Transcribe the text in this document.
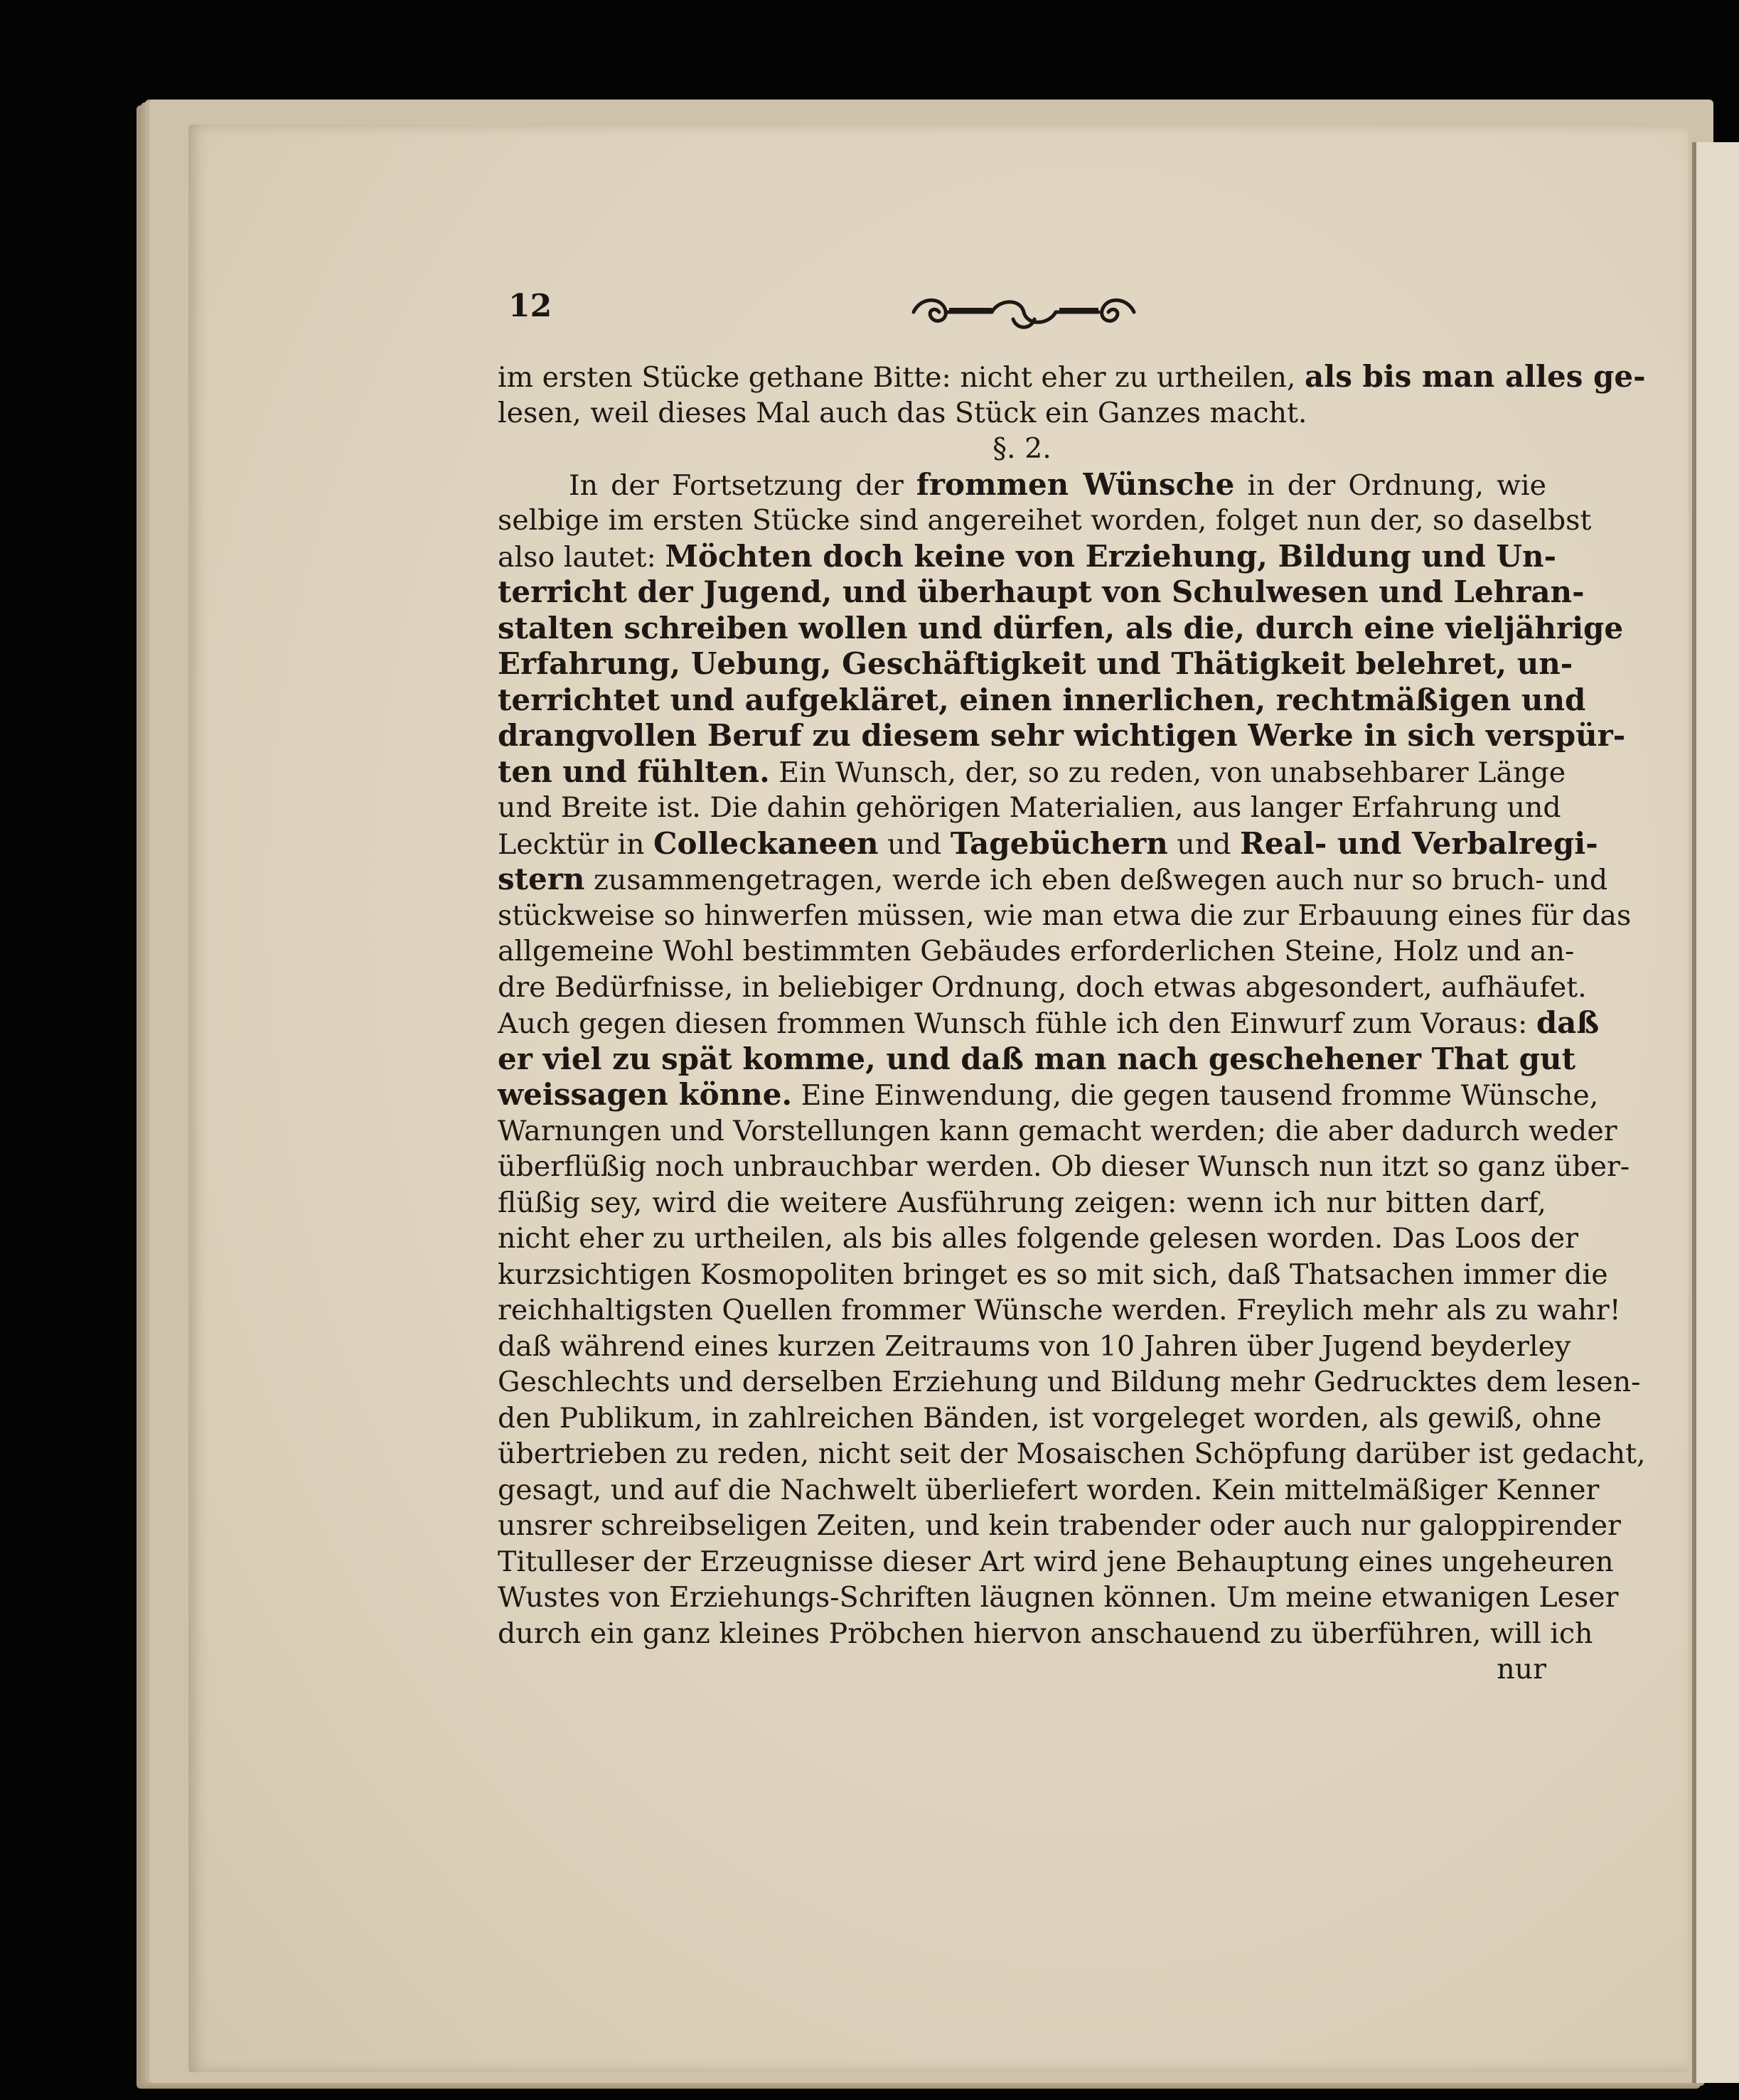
12
im ersten Stücke gethane Bitte: nicht eher zu urtheilen, als bis man alles ge-
lesen, weil dieses Mal auch das Stück ein Ganzes macht.
§. 2.
In der Fortsetzung der frommen Wünsche in der Ordnung, wie
selbige im ersten Stücke sind angereihet worden, folget nun der, so daselbst
also lautet: Möchten doch keine von Erziehung, Bildung und Un-
terricht der Jugend, und überhaupt von Schulwesen und Lehran-
stalten schreiben wollen und dürfen, als die, durch eine vieljährige
Erfahrung, Uebung, Geschäftigkeit und Thätigkeit belehret, un-
terrichtet und aufgekläret, einen innerlichen, rechtmäßigen und
drangvollen Beruf zu diesem sehr wichtigen Werke in sich verspür-
ten und fühlten. Ein Wunsch, der, so zu reden, von unabsehbarer Länge
und Breite ist. Die dahin gehörigen Materialien, aus langer Erfahrung und
Lecktür in Colleckaneen und Tagebüchern und Real- und Verbalregi-
stern zusammengetragen, werde ich eben deßwegen auch nur so bruch- und
stückweise so hinwerfen müssen, wie man etwa die zur Erbauung eines für das
allgemeine Wohl bestimmten Gebäudes erforderlichen Steine, Holz und an-
dre Bedürfnisse, in beliebiger Ordnung, doch etwas abgesondert, aufhäufet.
Auch gegen diesen frommen Wunsch fühle ich den Einwurf zum Voraus: daß
er viel zu spät komme, und daß man nach geschehener That gut
weissagen könne. Eine Einwendung, die gegen tausend fromme Wünsche,
Warnungen und Vorstellungen kann gemacht werden; die aber dadurch weder
überflüßig noch unbrauchbar werden. Ob dieser Wunsch nun itzt so ganz über-
flüßig sey, wird die weitere Ausführung zeigen: wenn ich nur bitten darf,
nicht eher zu urtheilen, als bis alles folgende gelesen worden. Das Loos der
kurzsichtigen Kosmopoliten bringet es so mit sich, daß Thatsachen immer die
reichhaltigsten Quellen frommer Wünsche werden. Freylich mehr als zu wahr!
daß während eines kurzen Zeitraums von 10 Jahren über Jugend beyderley
Geschlechts und derselben Erziehung und Bildung mehr Gedrucktes dem lesen-
den Publikum, in zahlreichen Bänden, ist vorgeleget worden, als gewiß, ohne
übertrieben zu reden, nicht seit der Mosaischen Schöpfung darüber ist gedacht,
gesagt, und auf die Nachwelt überliefert worden. Kein mittelmäßiger Kenner
unsrer schreibseligen Zeiten, und kein trabender oder auch nur galoppirender
Titulleser der Erzeugnisse dieser Art wird jene Behauptung eines ungeheuren
Wustes von Erziehungs-Schriften läugnen können. Um meine etwanigen Leser
durch ein ganz kleines Pröbchen hiervon anschauend zu überführen, will ich
nur
